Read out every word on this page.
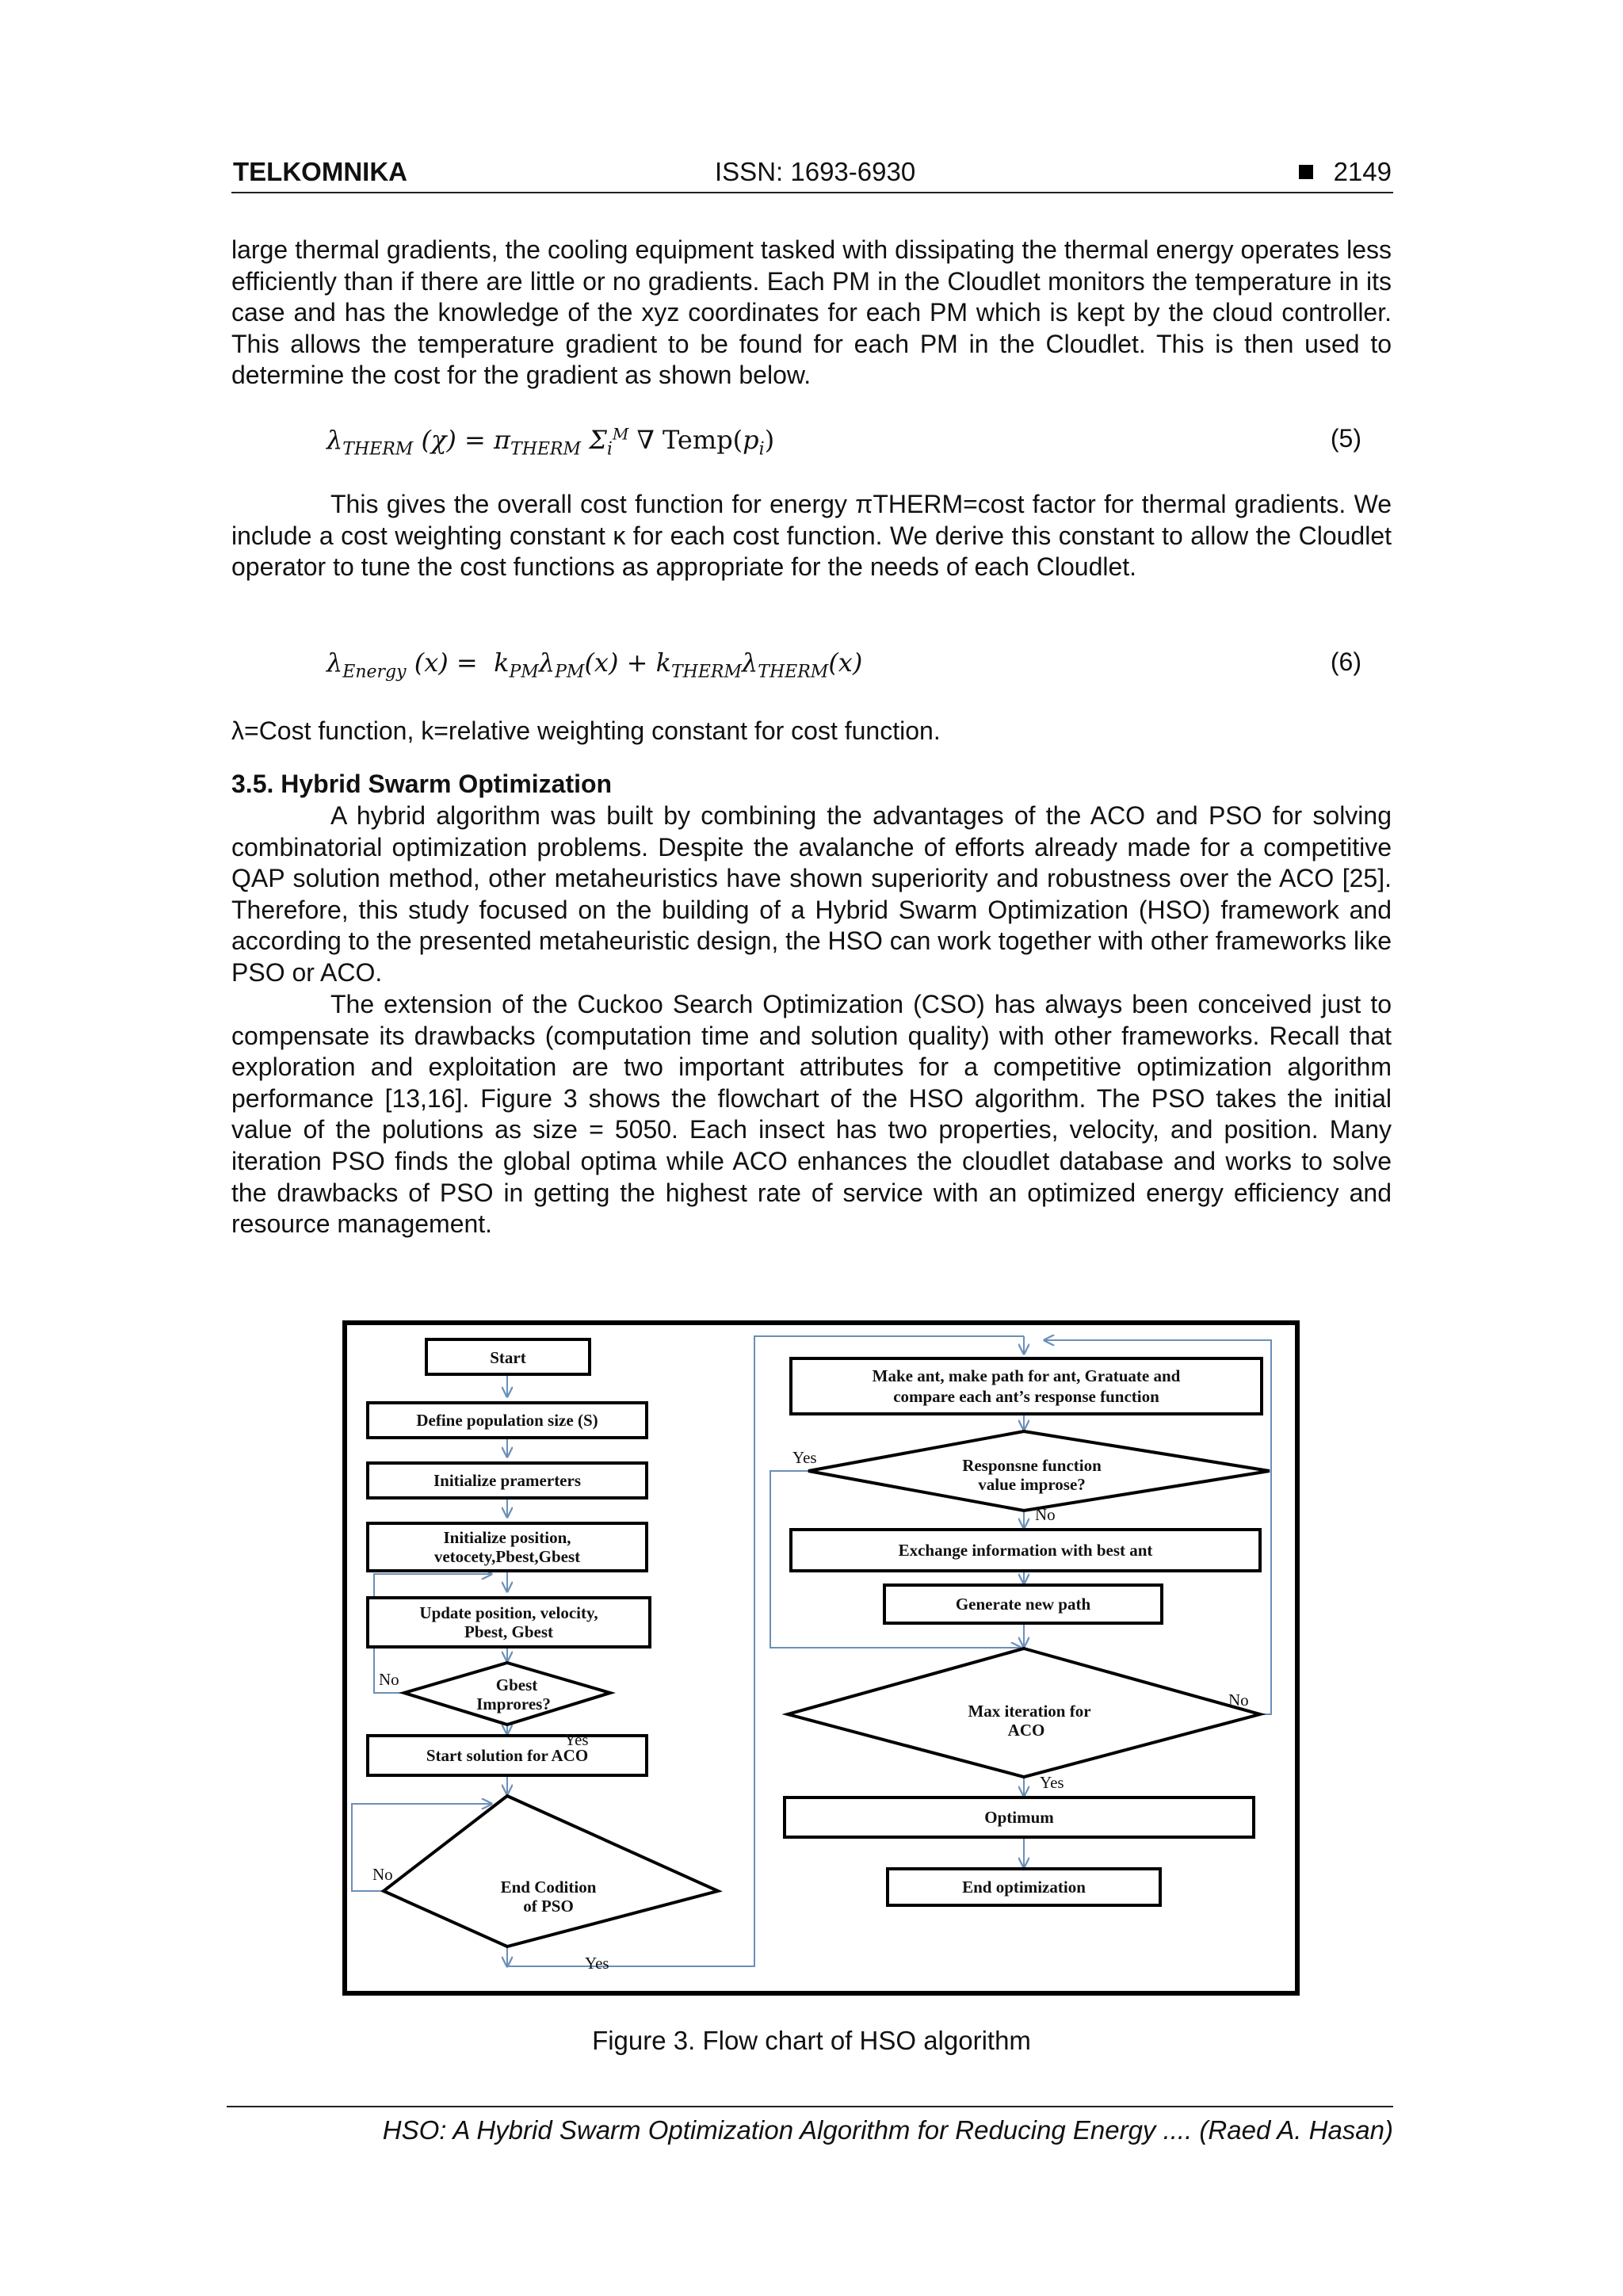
TELKOMNIKA	ISSN: 1693-6930	2149
large thermal gradients, the cooling equipment tasked with dissipating the thermal energy operates less efficiently than if there are little or no gradients. Each PM in the Cloudlet monitors the temperature in its case and has the knowledge of the xyz coordinates for each PM which is kept by the cloud controller. This allows the temperature gradient to be found for each PM in the Cloudlet. This is then used to determine the cost for the gradient as shown below.
$\lambda_{THERM}$ $(\chi) = \pi_{THERM}$ $\Sigma_i^M$ ∇ $Temp(p_i)$	(5)
This gives the overall cost function for energy πTHERM=cost factor for thermal gradients. We include a cost weighting constant κ for each cost function. We derive this constant to allow the Cloudlet operator to tune the cost functions as appropriate for the needs of each Cloudlet.
$\lambda_{Energy}$ $(x) = k_{PM}\lambda_{PM}(x) + k_{THERM}\lambda_{THERM}(x)$	(6)
λ=Cost function, k=relative weighting constant for cost function.
3.5. Hybrid Swarm Optimization
A hybrid algorithm was built by combining the advantages of the ACO and PSO for solving combinatorial optimization problems. Despite the avalanche of efforts already made for a competitive QAP solution method, other metaheuristics have shown superiority and robustness over the ACO [25]. Therefore, this study focused on the building of a Hybrid Swarm Optimization (HSO) framework and according to the presented metaheuristic design, the HSO can work together with other frameworks like PSO or ACO.
The extension of the Cuckoo Search Optimization (CSO) has always been conceived just to compensate its drawbacks (computation time and solution quality) with other frameworks. Recall that exploration and exploitation are two important attributes for a competitive optimization algorithm performance [13,16]. Figure 3 shows the flowchart of the HSO algorithm. The PSO takes the initial value of the polutions as size = 5050. Each insect has two properties, velocity, and position. Many iteration PSO finds the global optima while ACO enhances the cloudlet database and works to solve the drawbacks of PSO in getting the highest rate of service with an optimized energy efficiency and resource management.
Start
Define population size (S)
Initialize pramerters
Initialize position,
vetocety,Pbest,Gbest
Update position, velocity,
Pbest, Gbest
Gbest
Improres?
Start solution for ACO
End Codition
of PSO
Make ant, make path for ant, Gratuate and
compare each ant’s response function
Responsne function
value improse?
Exchange information with best ant
Generate new path
Max iteration for
ACO
Optimum
End optimization
No
Yes
No
Yes
Yes
No
No
Yes
Figure 3. Flow chart of HSO algorithm
HSO: A Hybrid Swarm Optimization Algorithm for Reducing Energy .... (Raed A. Hasan)
